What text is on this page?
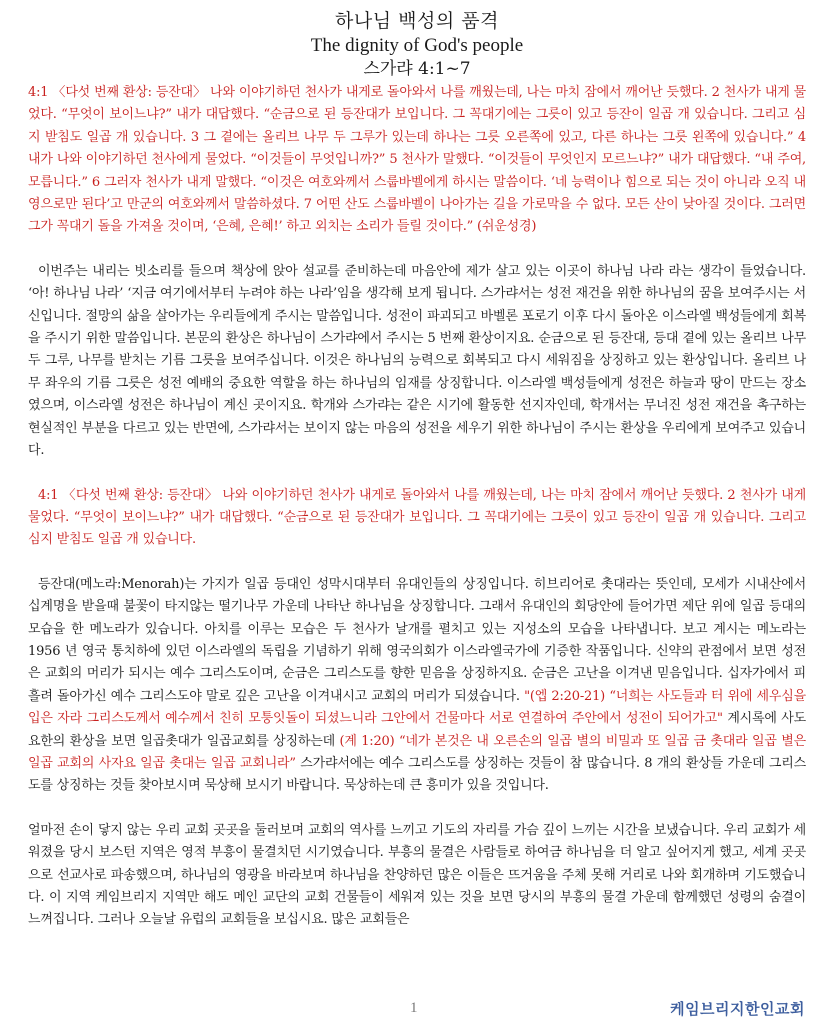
하나님 백성의 품격
The dignity of God's people
스가랴 4:1~7

4:1 〈다섯 번째 환상: 등잔대〉 나와 이야기하던 천사가 내게로 돌아와서 나를 깨웠는데, 나는 마치 잠에서 깨어난 듯했다. 2 천사가 내게 물었다. “무엇이 보이느냐?” 내가 대답했다. “순금으로 된 등잔대가 보입니다. 그 꼭대기에는 그릇이 있고 등잔이 일곱 개 있습니다. 그리고 심지 받침도 일곱 개 있습니다. 3 그 곁에는 올리브 나무 두 그루가 있는데 하나는 그릇 오른쪽에 있고, 다른 하나는 그릇 왼쪽에 있습니다.” 4 내가 나와 이야기하던 천사에게 물었다. “이것들이 무엇입니까?” 5 천사가 말했다. “이것들이 무엇인지 모르느냐?” 내가 대답했다. “내 주여, 모릅니다.” 6 그러자 천사가 내게 말했다. “이것은 여호와께서 스룹바벨에게 하시는 말씀이다. ‘네 능력이나 힘으로 되는 것이 아니라 오직 내 영으로만 된다’고 만군의 여호와께서 말씀하셨다. 7 어떤 산도 스룹바벨이 나아가는 길을 가로막을 수 없다. 모든 산이 낮아질 것이다. 그러면 그가 꼭대기 돌을 가져올 것이며, ‘은혜, 은혜!’ 하고 외치는 소리가 들릴 것이다.” (쉬운성경)

이번주는 내리는 빗소리를 들으며 책상에 앉아 설교를 준비하는데 마음안에 제가 살고 있는 이곳이 하나님 나라 라는 생각이 들었습니다. ‘아! 하나님 나라’ ‘지금 여기에서부터 누려야 하는 나라’임을 생각해 보게 됩니다. 스가랴서는 성전 재건을 위한 하나님의 꿈을 보여주시는 서신입니다. 절망의 삶을 살아가는 우리들에게 주시는 말씀입니다. 성전이 파괴되고 바벨론 포로기 이후 다시 돌아온 이스라엘 백성들에게 회복을 주시기 위한 말씀입니다. 본문의 환상은 하나님이 스가랴에서 주시는 5 번째 환상이지요. 순금으로 된 등잔대, 등대 곁에 있는 올리브 나무 두 그루, 나무를 받치는 기름 그릇을 보여주십니다. 이것은 하나님의 능력으로 회복되고 다시 세워짐을 상징하고 있는 환상입니다. 올리브 나무 좌우의 기름 그릇은 성전 예배의 중요한 역할을 하는 하나님의 임재를 상징합니다. 이스라엘 백성들에게 성전은 하늘과 땅이 만드는 장소였으며, 이스라엘 성전은 하나님이 계신 곳이지요. 학개와 스가랴는 같은 시기에 활동한 선지자인데, 학개서는 무너진 성전 재건을 촉구하는 현실적인 부분을 다르고 있는 반면에, 스가랴서는 보이지 않는 마음의 성전을 세우기 위한 하나님이 주시는 환상을 우리에게 보여주고 있습니다.

4:1 〈다섯 번째 환상: 등잔대〉 나와 이야기하던 천사가 내게로 돌아와서 나를 깨웠는데, 나는 마치 잠에서 깨어난 듯했다. 2 천사가 내게 물었다. “무엇이 보이느냐?” 내가 대답했다. “순금으로 된 등잔대가 보입니다. 그 꼭대기에는 그릇이 있고 등잔이 일곱 개 있습니다. 그리고 심지 받침도 일곱 개 있습니다.

등잔대(메노라:Menorah)는 가지가 일곱 등대인 성막시대부터 유대인들의 상징입니다. 히브리어로 촛대라는 뜻인데, 모세가 시내산에서 십계명을 받을때 불꽃이 타지않는 떨기나무 가운데 나타난 하나님을 상징합니다. 그래서 유대인의 회당안에 들어가면 제단 위에 일곱 등대의 모습을 한 메노라가 있습니다. 아치를 이루는 모습은 두 천사가 날개를 펼치고 있는 지성소의 모습을 나타냅니다. 보고 계시는 메노라는 1956 년 영국 통치하에 있던 이스라엘의 독립을 기념하기 위해 영국의회가 이스라엘국가에 기증한 작품입니다. 신약의 관점에서 보면 성전은 교회의 머리가 되시는 예수 그리스도이며, 순금은 그리스도를 향한 믿음을 상징하지요. 순금은 고난을 이겨낸 믿음입니다. 십자가에서 피흘려 돌아가신 예수 그리스도야 말로 깊은 고난을 이겨내시고 교회의 머리가 되셨습니다. "(엡 2:20-21) “너희는 사도들과 터 위에 세우심을 입은 자라 그리스도께서 예수께서 친히 모퉁잇돌이 되셨느니라 그안에서 건물마다 서로 연결하여 주안에서 성전이 되어가고" 계시록에 사도 요한의 환상을 보면 일곱촛대가 일곱교회를 상징하는데 (계 1:20) “네가 본것은 내 오른손의 일곱 별의 비밀과 또 일곱 금 촛대라 일곱 별은 일곱 교회의 사자요 일곱 촛대는 일곱 교회니라” 스가랴서에는 예수 그리스도를 상징하는 것들이 참 많습니다. 8 개의 환상들 가운데 그리스도를 상징하는 것들 찾아보시며 묵상해 보시기 바랍니다. 묵상하는데 큰 흥미가 있을 것입니다.

얼마전 손이 닿지 않는 우리 교회 곳곳을 둘러보며 교회의 역사를 느끼고 기도의 자리를 가슴 깊이 느끼는 시간을 보냈습니다. 우리 교회가 세워졌을 당시 보스턴 지역은 영적 부흥이 물결치던 시기였습니다. 부흥의 물결은 사람들로 하여금 하나님을 더 알고 싶어지게 했고, 세계 곳곳으로 선교사로 파송했으며, 하나님의 영광을 바라보며 하나님을 찬양하던 많은 이들은 뜨거움을 주체 못해 거리로 나와 회개하며 기도했습니다. 이 지역 케임브리지 지역만 해도 메인 교단의 교회 건물들이 세워져 있는 것을 보면 당시의 부흥의 물결 가운데 함께했던 성령의 숨결이 느껴집니다. 그러나 오늘날 유럽의 교회들을 보십시요. 많은 교회들은

1	케임브리지한인교회
